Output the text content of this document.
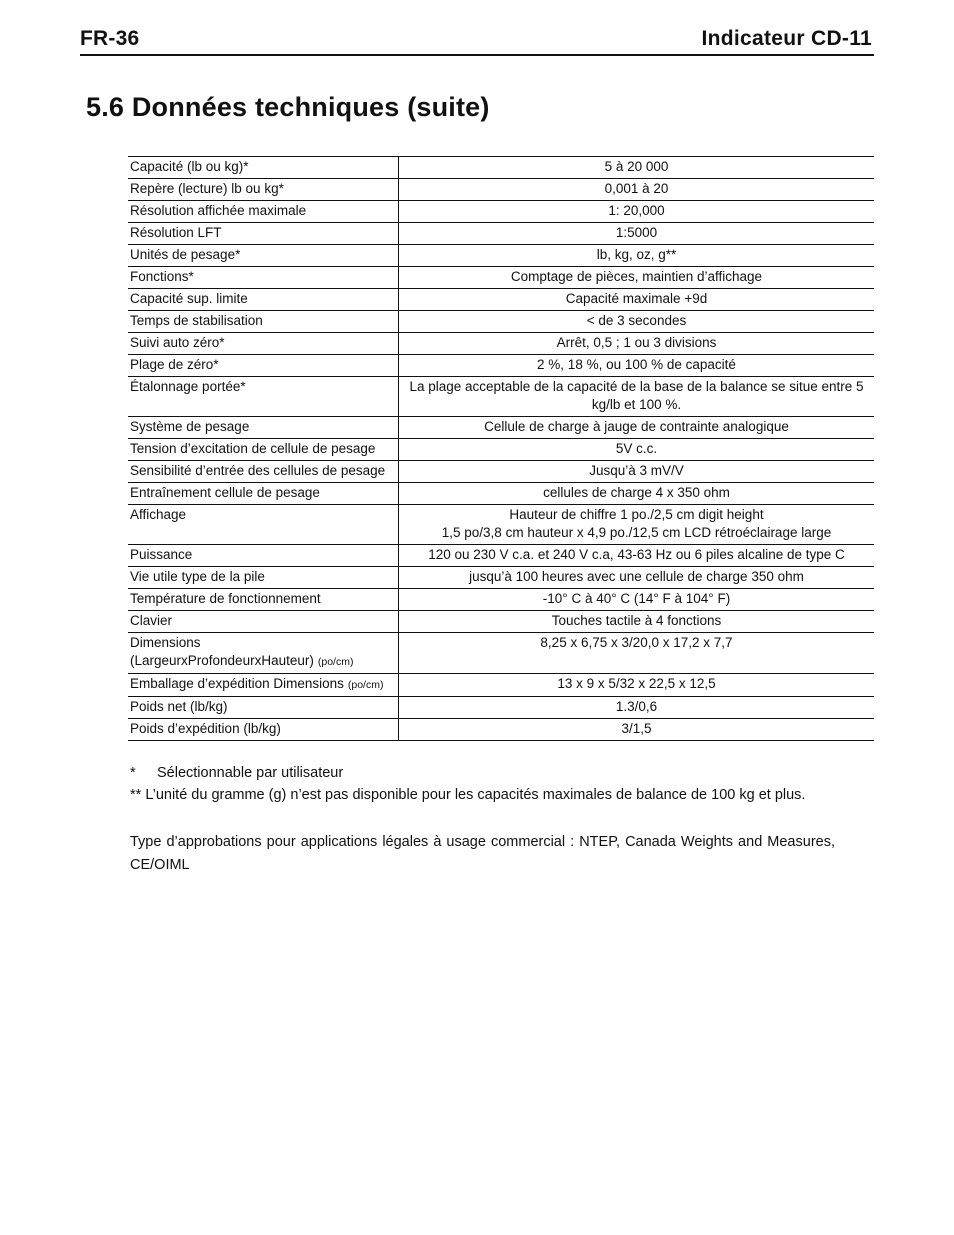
FR-36	Indicateur CD-11
5.6 Données techniques (suite)
Capacité (lb ou kg)*	5 à 20 000
Repère (lecture) lb ou kg*	0,001 à 20
Résolution affichée maximale	1: 20,000
Résolution LFT	1:5000
Unités de pesage*	lb, kg, oz, g**
Fonctions*	Comptage de pièces, maintien d’affichage
Capacité sup. limite	Capacité maximale +9d
Temps de stabilisation	< de 3 secondes
Suivi auto zéro*	Arrêt, 0,5 ; 1 ou 3 divisions
Plage de zéro*	2 %, 18 %, ou 100 % de capacité
Étalonnage portée*	La plage acceptable de la capacité de la base de la balance se situe entre 5 kg/lb et 100 %.
Système de pesage	Cellule de charge à jauge de contrainte analogique
Tension d’excitation de cellule de pesage	5V c.c.
Sensibilité d’entrée des cellules de pesage	Jusqu’à 3 mV/V
Entraînement cellule de pesage	cellules de charge 4 x 350 ohm
Affichage	Hauteur de chiffre 1 po./2,5 cm digit height
1,5 po/3,8 cm hauteur x 4,9 po./12,5 cm LCD rétroéclairage large
Puissance	120 ou 230 V c.a. et 240 V c.a, 43-63 Hz ou 6 piles alcaline de type C
Vie utile type de la pile	jusqu’à 100 heures avec une cellule de charge 350 ohm
Température de fonctionnement	-10° C à 40° C (14° F à 104° F)
Clavier	Touches tactile à 4 fonctions
Dimensions
(LargeurxProfondeurxHauteur) (po/cm)	8,25 x 6,75 x 3/20,0 x 17,2 x 7,7
Emballage d’expédition Dimensions (po/cm)	13 x 9 x 5/32 x 22,5 x 12,5
Poids net (lb/kg)	1.3/0,6
Poids d’expédition (lb/kg)	3/1,5
* Sélectionnable par utilisateur
** L’unité du gramme (g) n’est pas disponible pour les capacités maximales de balance de 100 kg et plus.
Type d’approbations pour applications légales à usage commercial : NTEP, Canada Weights and Measures, CE/OIML
